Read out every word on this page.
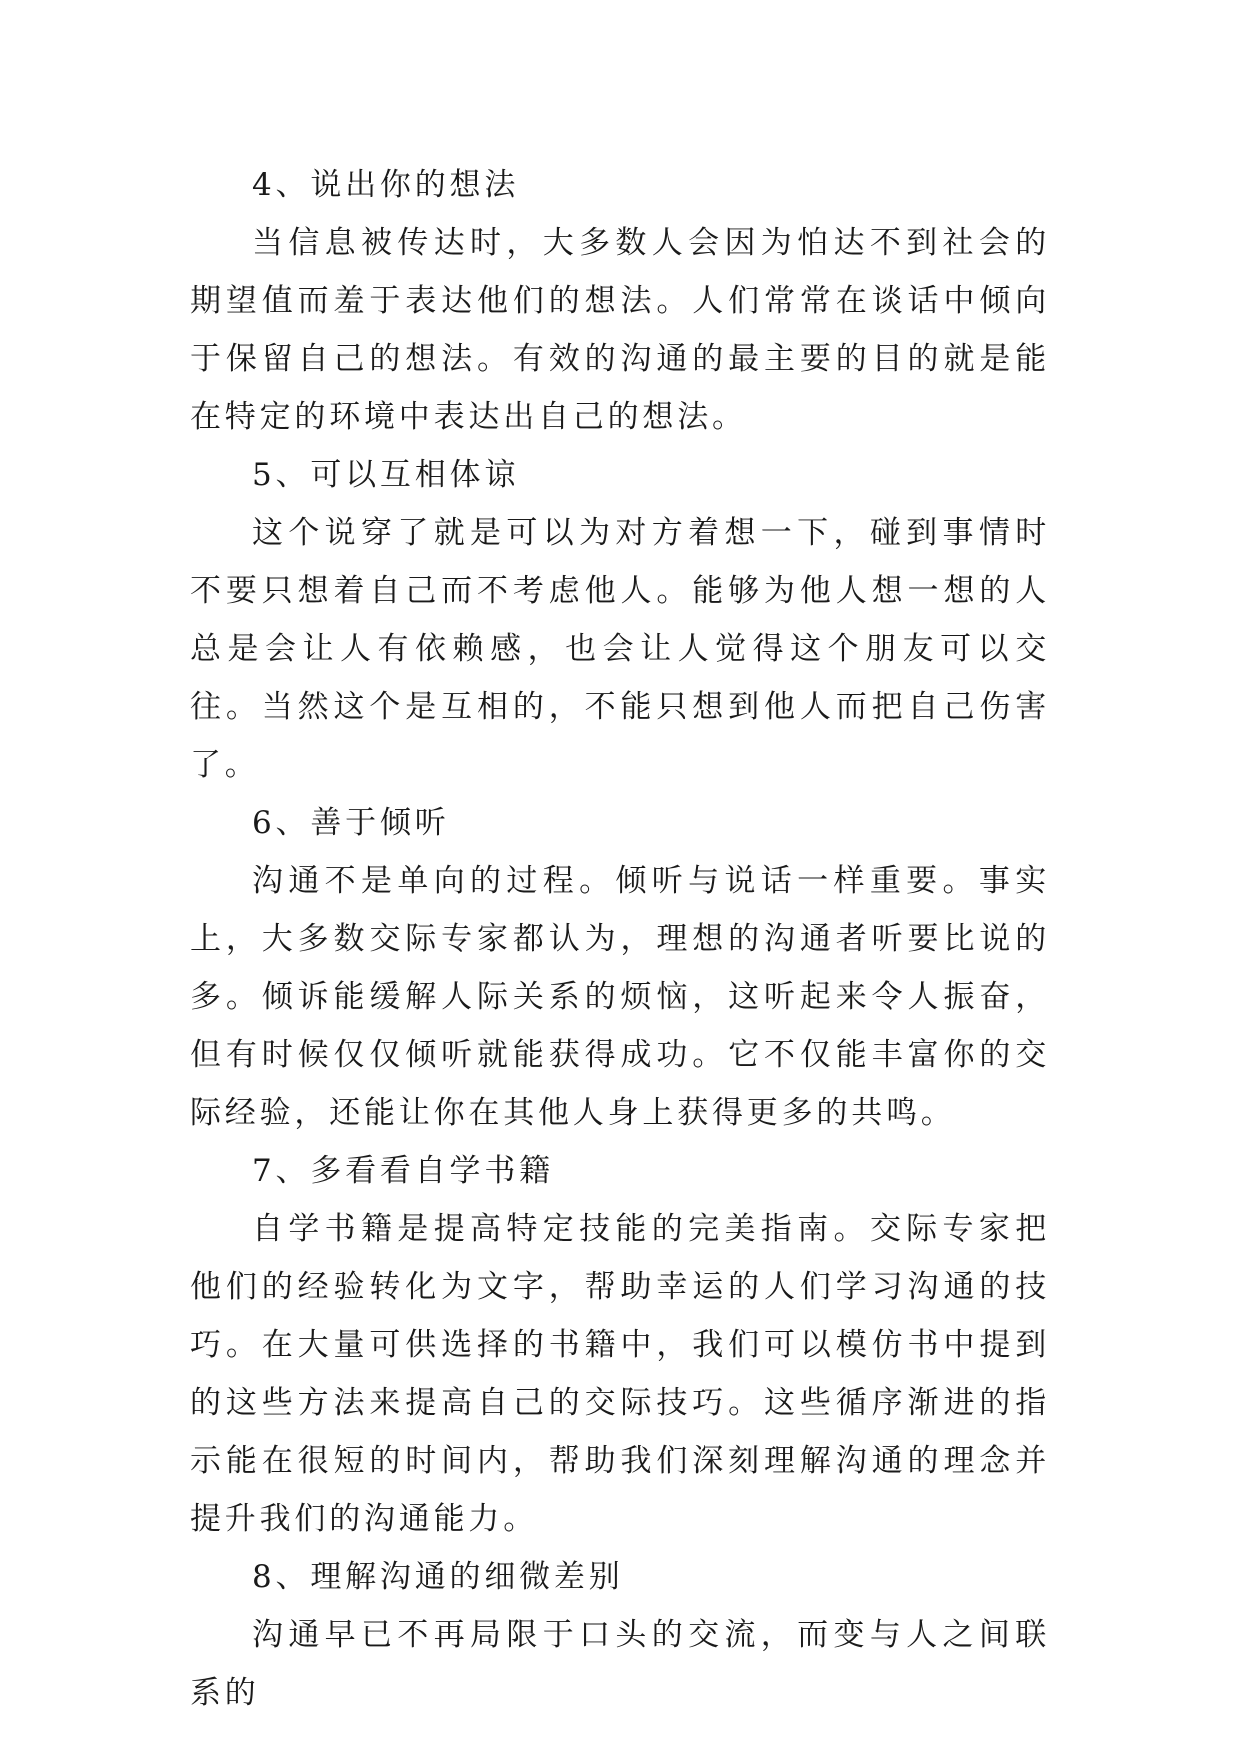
4、说出你的想法

当信息被传达时，大多数人会因为怕达不到社会的期望值而羞于表达他们的想法。人们常常在谈话中倾向于保留自己的想法。有效的沟通的最主要的目的就是能在特定的环境中表达出自己的想法。

5、可以互相体谅

这个说穿了就是可以为对方着想一下，碰到事情时不要只想着自己而不考虑他人。能够为他人想一想的人总是会让人有依赖感，也会让人觉得这个朋友可以交往。当然这个是互相的，不能只想到他人而把自己伤害了。

6、善于倾听

沟通不是单向的过程。倾听与说话一样重要。事实上，大多数交际专家都认为，理想的沟通者听要比说的多。倾诉能缓解人际关系的烦恼，这听起来令人振奋，但有时候仅仅倾听就能获得成功。它不仅能丰富你的交际经验，还能让你在其他人身上获得更多的共鸣。

7、多看看自学书籍

自学书籍是提高特定技能的完美指南。交际专家把他们的经验转化为文字，帮助幸运的人们学习沟通的技巧。在大量可供选择的书籍中，我们可以模仿书中提到的这些方法来提高自己的交际技巧。这些循序渐进的指示能在很短的时间内，帮助我们深刻理解沟通的理念并提升我们的沟通能力。

8、理解沟通的细微差别

沟通早已不再局限于口头的交流，而变与人之间联系的
